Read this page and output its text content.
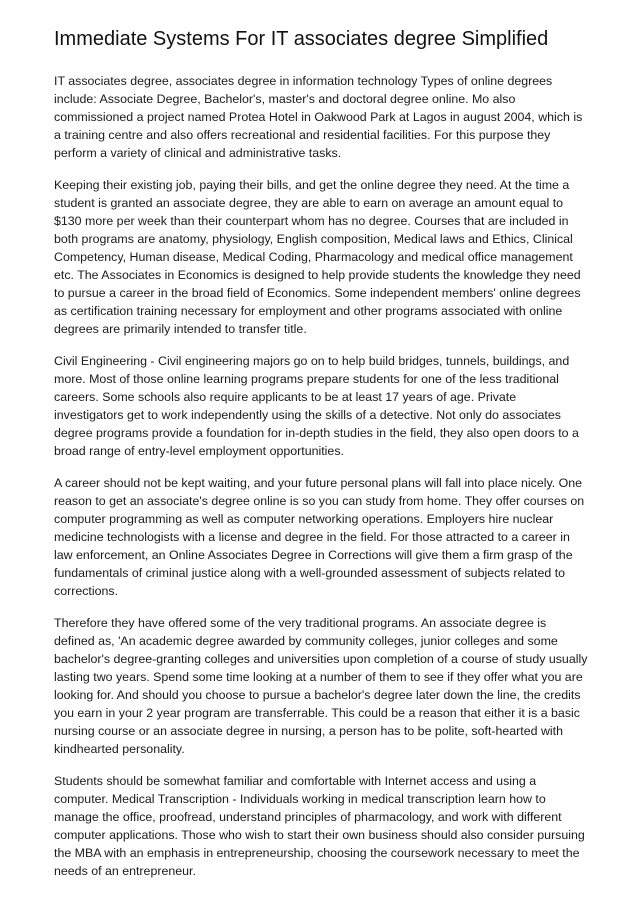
Immediate Systems For IT associates degree Simplified

IT associates degree, associates degree in information technology Types of online degrees include: Associate Degree, Bachelor's, master's and doctoral degree online. Mo also commissioned a project named Protea Hotel in Oakwood Park at Lagos in august 2004, which is a training centre and also offers recreational and residential facilities. For this purpose they perform a variety of clinical and administrative tasks.

Keeping their existing job, paying their bills, and get the online degree they need. At the time a student is granted an associate degree, they are able to earn on average an amount equal to $130 more per week than their counterpart whom has no degree. Courses that are included in both programs are anatomy, physiology, English composition, Medical laws and Ethics, Clinical Competency, Human disease, Medical Coding, Pharmacology and medical office management etc. The Associates in Economics is designed to help provide students the knowledge they need to pursue a career in the broad field of Economics. Some independent members' online degrees as certification training necessary for employment and other programs associated with online degrees are primarily intended to transfer title.

Civil Engineering - Civil engineering majors go on to help build bridges, tunnels, buildings, and more. Most of those online learning programs prepare students for one of the less traditional careers. Some schools also require applicants to be at least 17 years of age. Private investigators get to work independently using the skills of a detective. Not only do associates degree programs provide a foundation for in-depth studies in the field, they also open doors to a broad range of entry-level employment opportunities.

A career should not be kept waiting, and your future personal plans will fall into place nicely. One reason to get an associate's degree online is so you can study from home. They offer courses on computer programming as well as computer networking operations. Employers hire nuclear medicine technologists with a license and degree in the field. For those attracted to a career in law enforcement, an Online Associates Degree in Corrections will give them a firm grasp of the fundamentals of criminal justice along with a well-grounded assessment of subjects related to corrections.

Therefore they have offered some of the very traditional programs. An associate degree is defined as, 'An academic degree awarded by community colleges, junior colleges and some bachelor's degree-granting colleges and universities upon completion of a course of study usually lasting two years. Spend some time looking at a number of them to see if they offer what you are looking for. And should you choose to pursue a bachelor's degree later down the line, the credits you earn in your 2 year program are transferrable. This could be a reason that either it is a basic nursing course or an associate degree in nursing, a person has to be polite, soft-hearted with kindhearted personality.

Students should be somewhat familiar and comfortable with Internet access and using a computer. Medical Transcription - Individuals working in medical transcription learn how to manage the office, proofread, understand principles of pharmacology, and work with different computer applications. Those who wish to start their own business should also consider pursuing the MBA with an emphasis in entrepreneurship, choosing the coursework necessary to meet the needs of an entrepreneur.
